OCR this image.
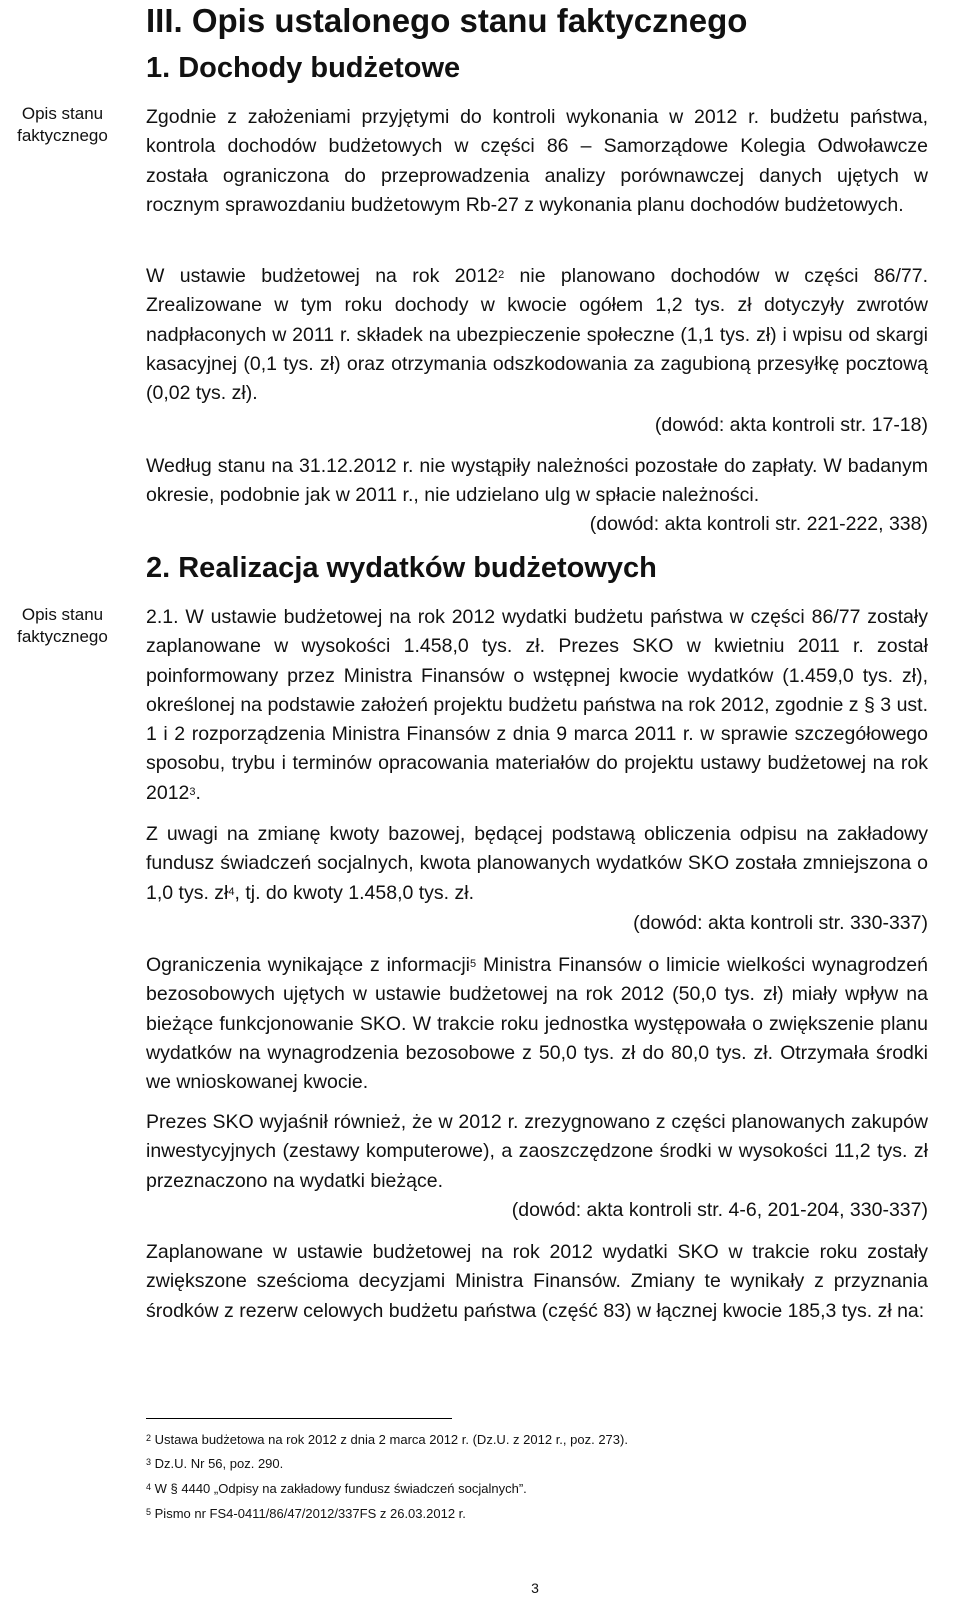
Opis stanu faktycznego
Opis stanu faktycznego
III. Opis ustalonego stanu faktycznego
1. Dochody budżetowe
Zgodnie z założeniami przyjętymi do kontroli wykonania w 2012 r. budżetu państwa, kontrola dochodów budżetowych w części 86 – Samorządowe Kolegia Odwoławcze została ograniczona do przeprowadzenia analizy porównawczej danych ujętych w rocznym sprawozdaniu budżetowym Rb-27 z wykonania planu dochodów budżetowych.
W ustawie budżetowej na rok 2012$^2$ nie planowano dochodów w części 86/77. Zrealizowane w tym roku dochody w kwocie ogółem 1,2 tys. zł dotyczyły zwrotów nadpłaconych w 2011 r. składek na ubezpieczenie społeczne (1,1 tys. zł) i wpisu od skargi kasacyjnej (0,1 tys. zł) oraz otrzymania odszkodowania za zagubioną przesyłkę pocztową (0,02 tys. zł).
(dowód: akta kontroli str. 17-18)
Według stanu na 31.12.2012 r. nie wystąpiły należności pozostałe do zapłaty. W badanym okresie, podobnie jak w 2011 r., nie udzielano ulg w spłacie należności.
(dowód: akta kontroli str. 221-222, 338)
2. Realizacja wydatków budżetowych
2.1. W ustawie budżetowej na rok 2012 wydatki budżetu państwa w części 86/77 zostały zaplanowane w wysokości 1.458,0 tys. zł. Prezes SKO w kwietniu 2011 r. został poinformowany przez Ministra Finansów o wstępnej kwocie wydatków (1.459,0 tys. zł), określonej na podstawie założeń projektu budżetu państwa na rok 2012, zgodnie z § 3 ust. 1 i 2 rozporządzenia Ministra Finansów z dnia 9 marca 2011 r. w sprawie szczegółowego sposobu, trybu i terminów opracowania materiałów do projektu ustawy budżetowej na rok 2012$^3$.
Z uwagi na zmianę kwoty bazowej, będącej podstawą obliczenia odpisu na zakładowy fundusz świadczeń socjalnych, kwota planowanych wydatków SKO została zmniejszona o 1,0 tys. $zł^4$, tj. do kwoty 1.458,0 tys. zł.
(dowód: akta kontroli str. 330-337)
Ograniczenia wynikające z informacji$^5$ Ministra Finansów o limicie wielkości wynagrodzeń bezosobowych ujętych w ustawie budżetowej na rok 2012 (50,0 tys. zł) miały wpływ na bieżące funkcjonowanie SKO. W trakcie roku jednostka występowała o zwiększenie planu wydatków na wynagrodzenia bezosobowe z 50,0 tys. zł do 80,0 tys. zł. Otrzymała środki we wnioskowanej kwocie.
Prezes SKO wyjaśnił również, że w 2012 r. zrezygnowano z części planowanych zakupów inwestycyjnych (zestawy komputerowe), a zaoszczędzone środki w wysokości 11,2 tys. zł przeznaczono na wydatki bieżące.
(dowód: akta kontroli str. 4-6, 201-204, 330-337)
Zaplanowane w ustawie budżetowej na rok 2012 wydatki SKO w trakcie roku zostały zwiększone sześcioma decyzjami Ministra Finansów. Zmiany te wynikały z przyznania środków z rezerw celowych budżetu państwa (część 83) w łącznej kwocie 185,3 tys. zł na:
$^2$ Ustawa budżetowa na rok 2012 z dnia 2 marca 2012 r. (Dz.U. z 2012 r., poz. 273).
$^3$ Dz.U. Nr 56, poz. 290.
$^4$ W § 4440 „Odpisy na zakładowy fundusz świadczeń socjalnych”.
$^5$ Pismo nr FS4-0411/86/47/2012/337FS z 26.03.2012 r.
3
